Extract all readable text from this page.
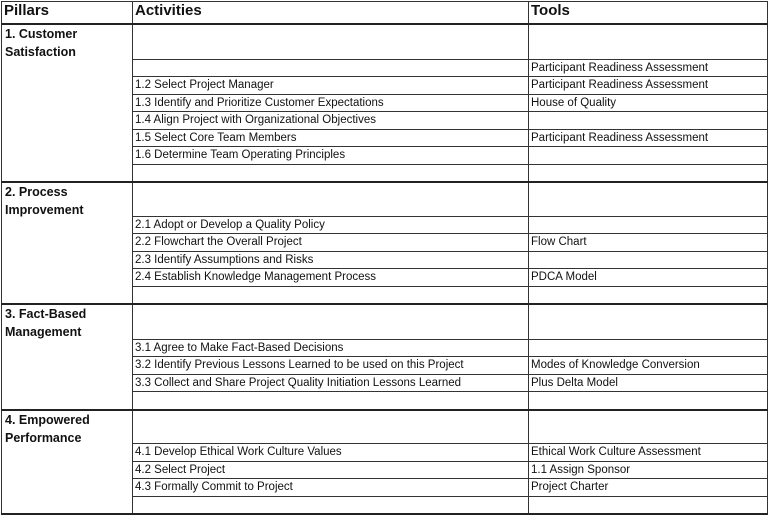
Pillars	Activities	Tools
1. Customer Satisfaction		
		Participant Readiness Assessment
	1.2 Select Project Manager	Participant Readiness Assessment
	1.3 Identify and Prioritize Customer Expectations	House of Quality
	1.4 Align Project with Organizational Objectives	
	1.5 Select Core Team Members	Participant Readiness Assessment
	1.6 Determine Team Operating Principles	

2. Process Improvement		
	2.1 Adopt or Develop a Quality Policy	
	2.2 Flowchart the Overall Project	Flow Chart
	2.3 Identify Assumptions and Risks	
	2.4 Establish Knowledge Management Process	PDCA Model

3. Fact-Based Management		
	3.1 Agree to Make Fact-Based Decisions	
	3.2 Identify Previous Lessons Learned to be used on this Project	Modes of Knowledge Conversion
	3.3 Collect and Share Project Quality Initiation Lessons Learned	Plus Delta Model

4. Empowered Performance		
	4.1 Develop Ethical Work Culture Values	Ethical Work Culture Assessment
	4.2 Select Project	1.1 Assign Sponsor
	4.3 Formally Commit to Project	Project Charter
